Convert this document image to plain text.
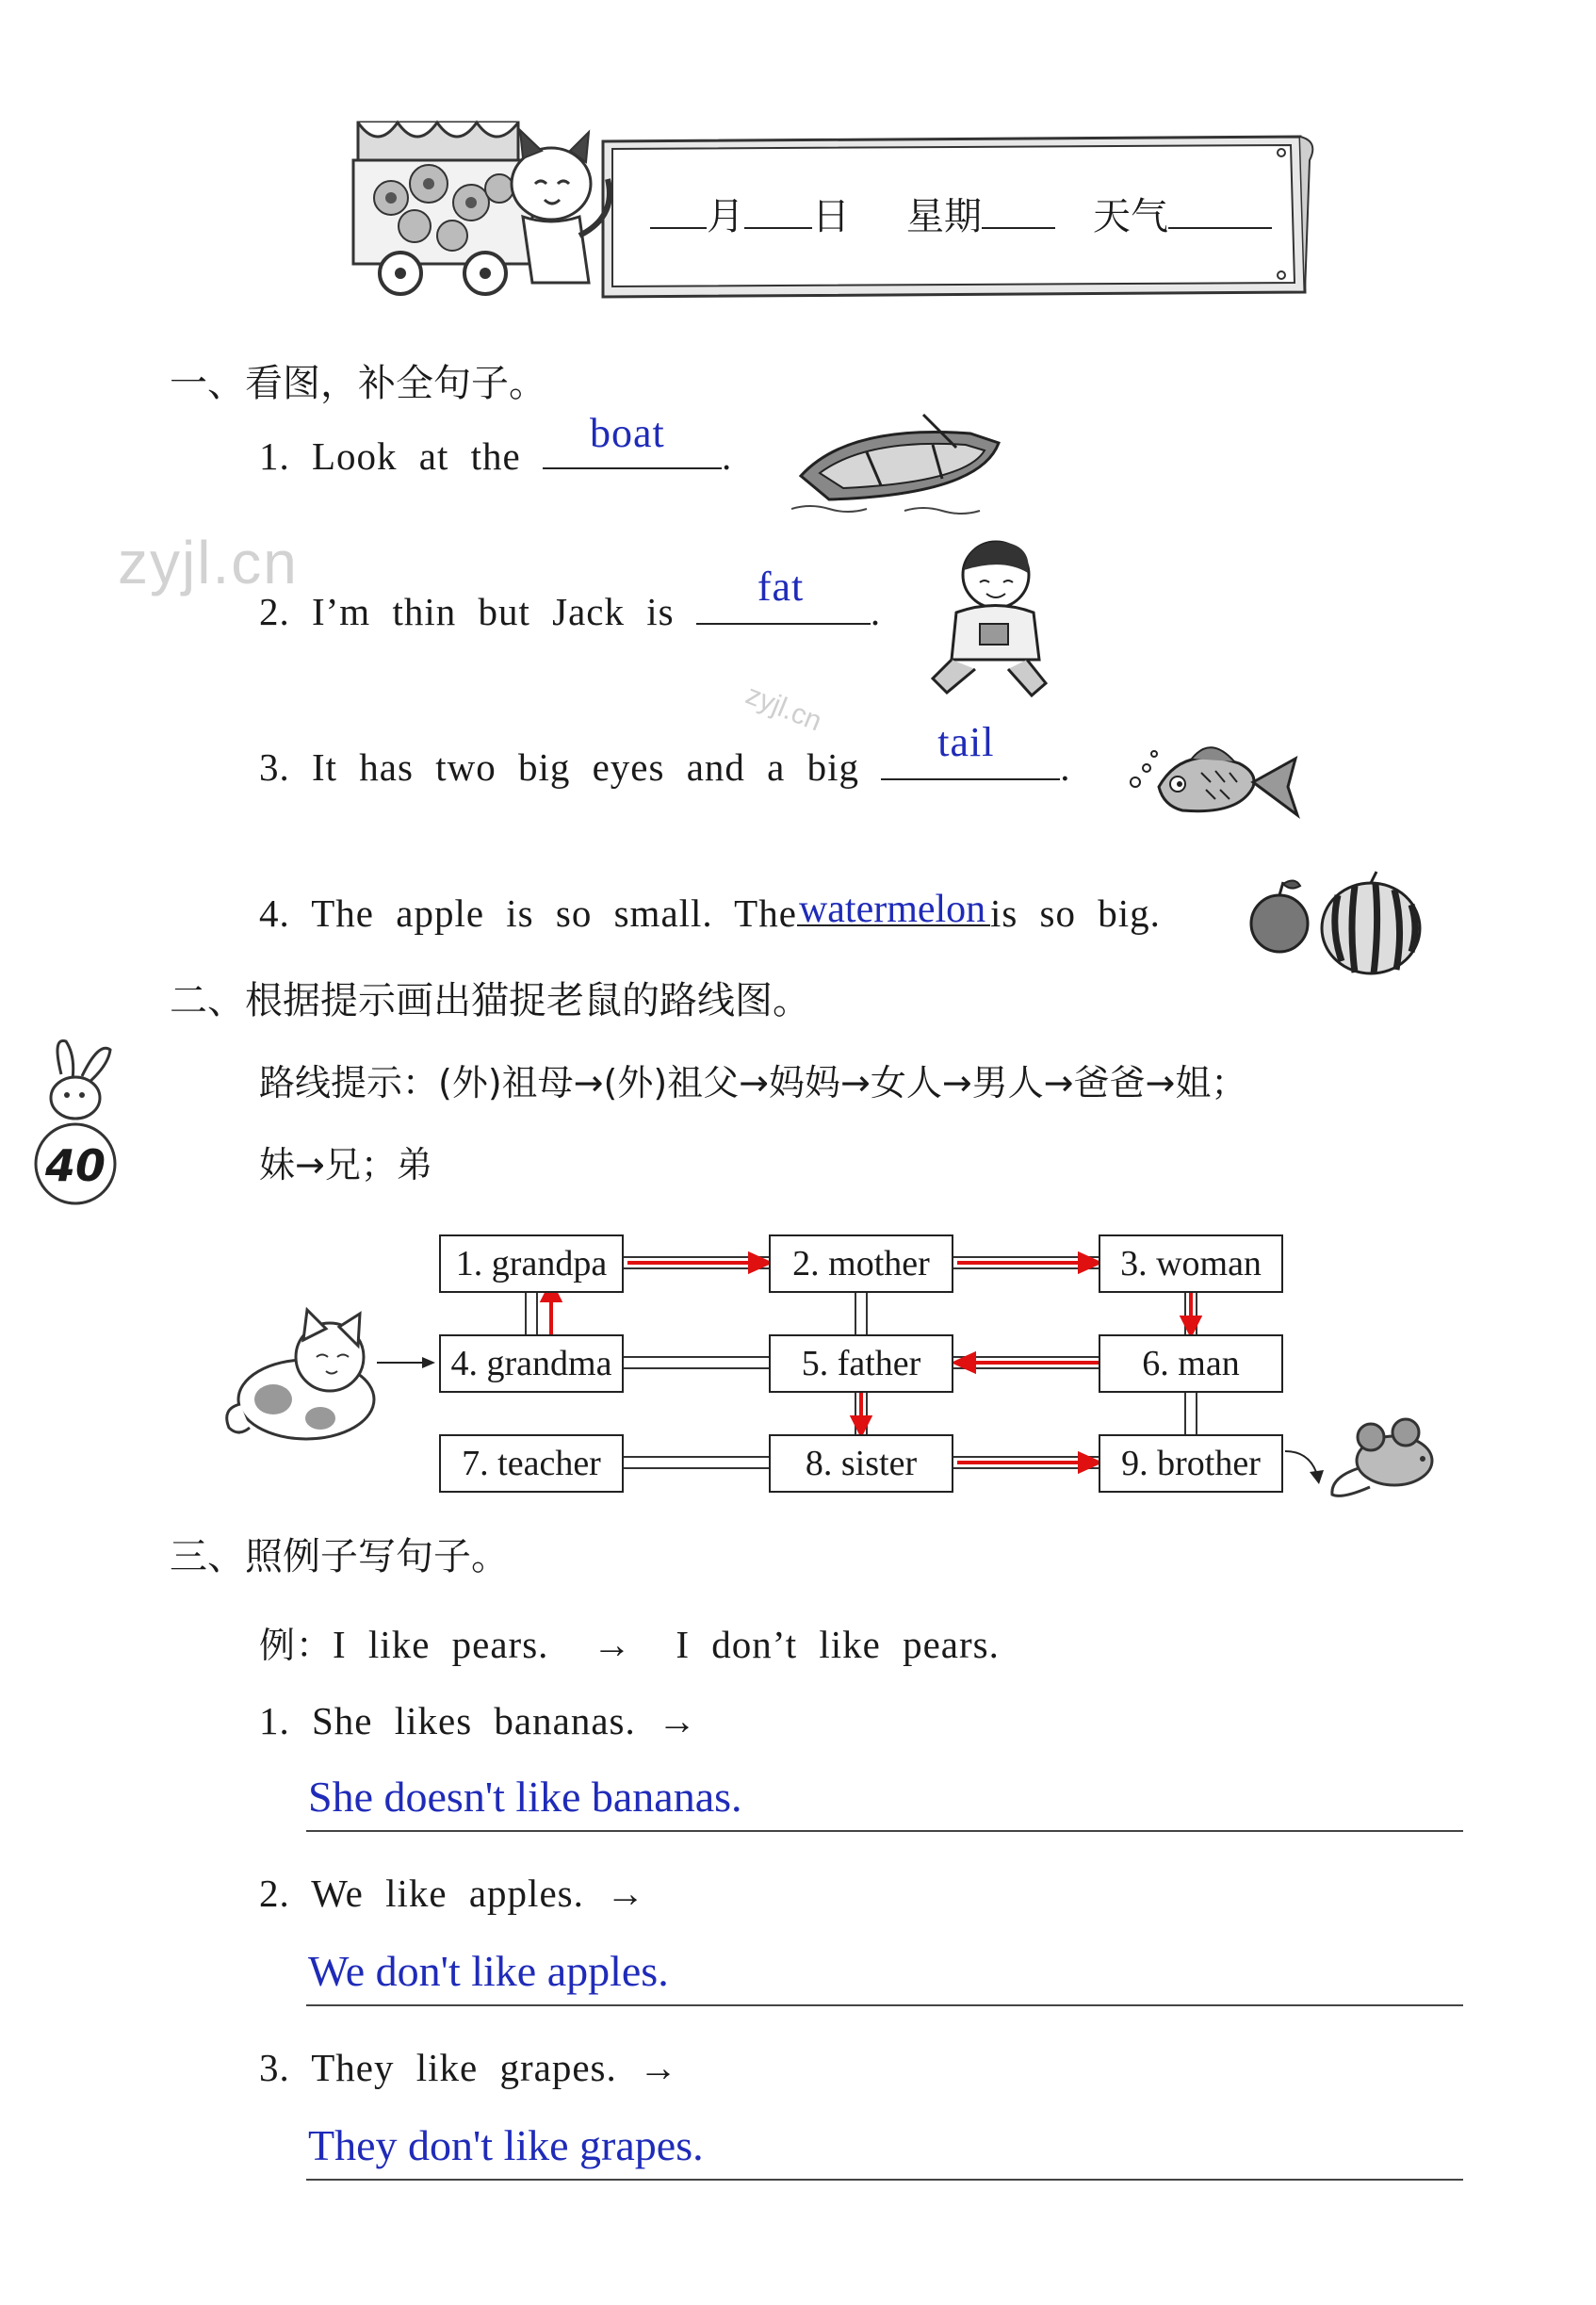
月 日 星期	天气
zyjl.cn
zyjl.cn
一、看图，补全句子。
1. Look at the boat .
2. I’m thin but Jack is
fat
.
3. It has two big eyes and a big
tail
.
4. The apple is so small. The watermelon is so big.
二、根据提示画出猫捉老鼠的路线图。
路线提示：(外)祖母→(外)祖父→妈妈→女人→男人→爸爸→姐；
妹→兄；弟
40
1. grandpa	2. mother	3. woman
4. grandma	5. father	6. man
7. teacher	8. sister	9. brother
三、照例子写句子。
例：I like pears.  →  I don’t like pears.
1. She likes bananas. →
She doesn't like bananas.
2. We like apples. →
We don't like apples.
3. They like grapes. →
They don't like grapes.
